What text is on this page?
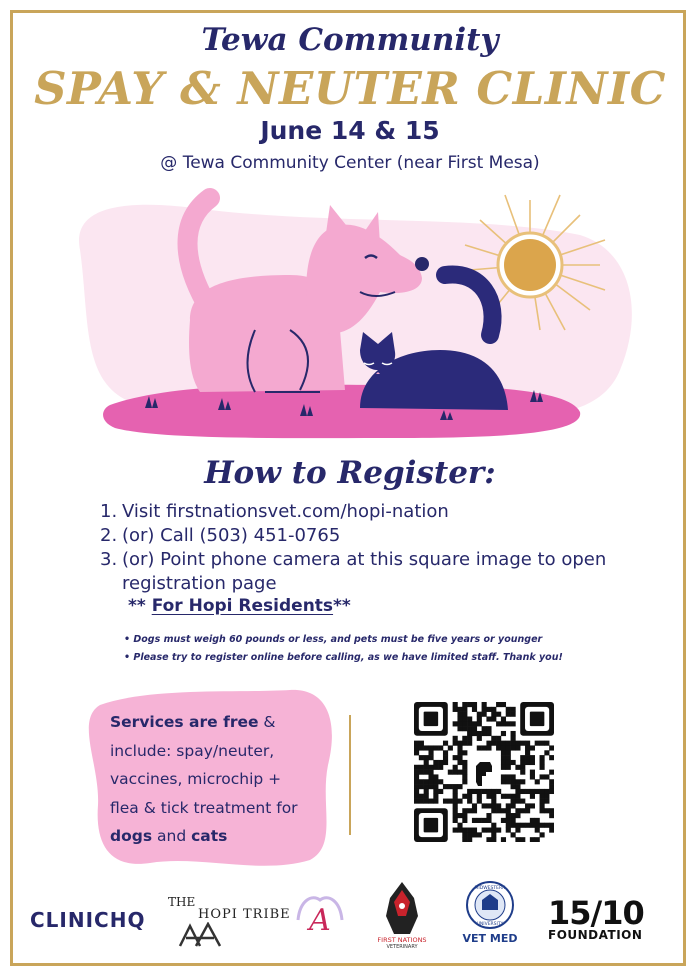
Tewa Community
SPAY & NEUTER CLINIC
June 14 & 15
@ Tewa Community Center (near First Mesa)
How to Register:
1. Visit firstnationsvet.com/hopi-nation
2. (or) Call (503) 451-0765
3. (or) Point phone camera at this square image to open registration page
** For Hopi Residents**
• Dogs must weigh 60 pounds or less, and pets must be five years or younger
• Please try to register online before calling, as we have limited staff. Thank you!
Services are free & include: spay/neuter, vaccines, microchip + flea & tick treatment for dogs and cats
CLINICHQ
THE
HOPI TRIBE A
FIRST NATIONS
VETERINARY
MIDWESTERN
UNIVERSITY
VET MED
15/10
FOUNDATION
